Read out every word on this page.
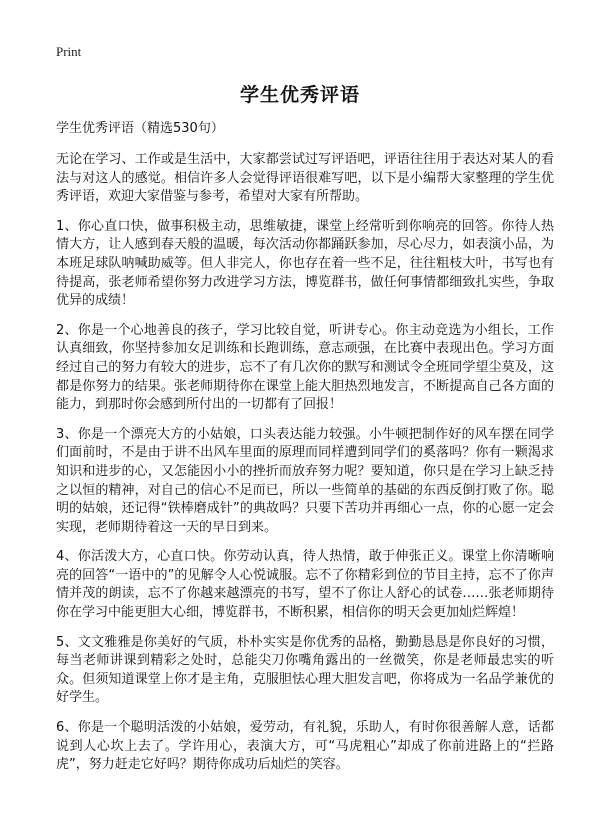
Print
学生优秀评语

学生优秀评语（精选530句）

无论在学习、工作或是生活中，大家都尝试过写评语吧，评语往往用于表达对某人的看法与对这人的感觉。相信许多人会觉得评语很难写吧，以下是小编帮大家整理的学生优秀评语，欢迎大家借鉴与参考，希望对大家有所帮助。

1、你心直口快，做事积极主动，思维敏捷，课堂上经常听到你响亮的回答。你待人热情大方，让人感到春天般的温暖，每次活动你都踊跃参加，尽心尽力，如表演小品，为本班足球队呐喊助威等。但人非完人，你也存在着一些不足，往往粗枝大叶，书写也有待提高，张老师希望你努力改进学习方法，博览群书，做任何事情都细致扎实些，争取优异的成绩！

2、你是一个心地善良的孩子，学习比较自觉，听讲专心。你主动竞选为小组长，工作认真细致，你坚持参加女足训练和长跑训练，意志顽强，在比赛中表现出色。学习方面经过自己的努力有较大的进步，忘不了有几次你的默写和测试令全班同学望尘莫及，这都是你努力的结果。张老师期待你在课堂上能大胆热烈地发言，不断提高自己各方面的能力，到那时你会感到所付出的一切都有了回报！

3、你是一个漂亮大方的小姑娘，口头表达能力较强。小牛顿把制作好的风车摆在同学们面前时，不是由于讲不出风车里面的原理而同样遭到同学们的奚落吗？你有一颗渴求知识和进步的心，又怎能因小小的挫折而放弃努力呢？要知道，你只是在学习上缺乏持之以恒的精神，对自己的信心不足而已，所以一些简单的基础的东西反倒打败了你。聪明的姑娘，还记得“铁棒磨成针”的典故吗？只要下苦功并再细心一点，你的心愿一定会实现，老师期待着这一天的早日到来。

4、你活泼大方，心直口快。你劳动认真，待人热情，敢于伸张正义。课堂上你清晰响亮的回答“一语中的”的见解令人心悦诚服。忘不了你精彩到位的节目主持，忘不了你声情并茂的朗读，忘不了你越来越漂亮的书写，望不了你让人舒心的试卷……张老师期待你在学习中能更胆大心细，博览群书，不断积累，相信你的明天会更加灿烂辉煌！

5、文文雅雅是你美好的气质，朴朴实实是你优秀的品格，勤勤恳恳是你良好的习惯，每当老师讲课到精彩之处时，总能尖刀你嘴角露出的一丝微笑，你是老师最忠实的听众。但须知道课堂上你才是主角，克服胆怯心理大胆发言吧，你将成为一名品学兼优的好学生。

6、你是一个聪明活泼的小姑娘，爱劳动，有礼貌，乐助人，有时你很善解人意，话都说到人心坎上去了。学许用心，表演大方，可“马虎粗心”却成了你前进路上的“拦路虎”，努力赶走它好吗？期待你成功后灿烂的笑容。
